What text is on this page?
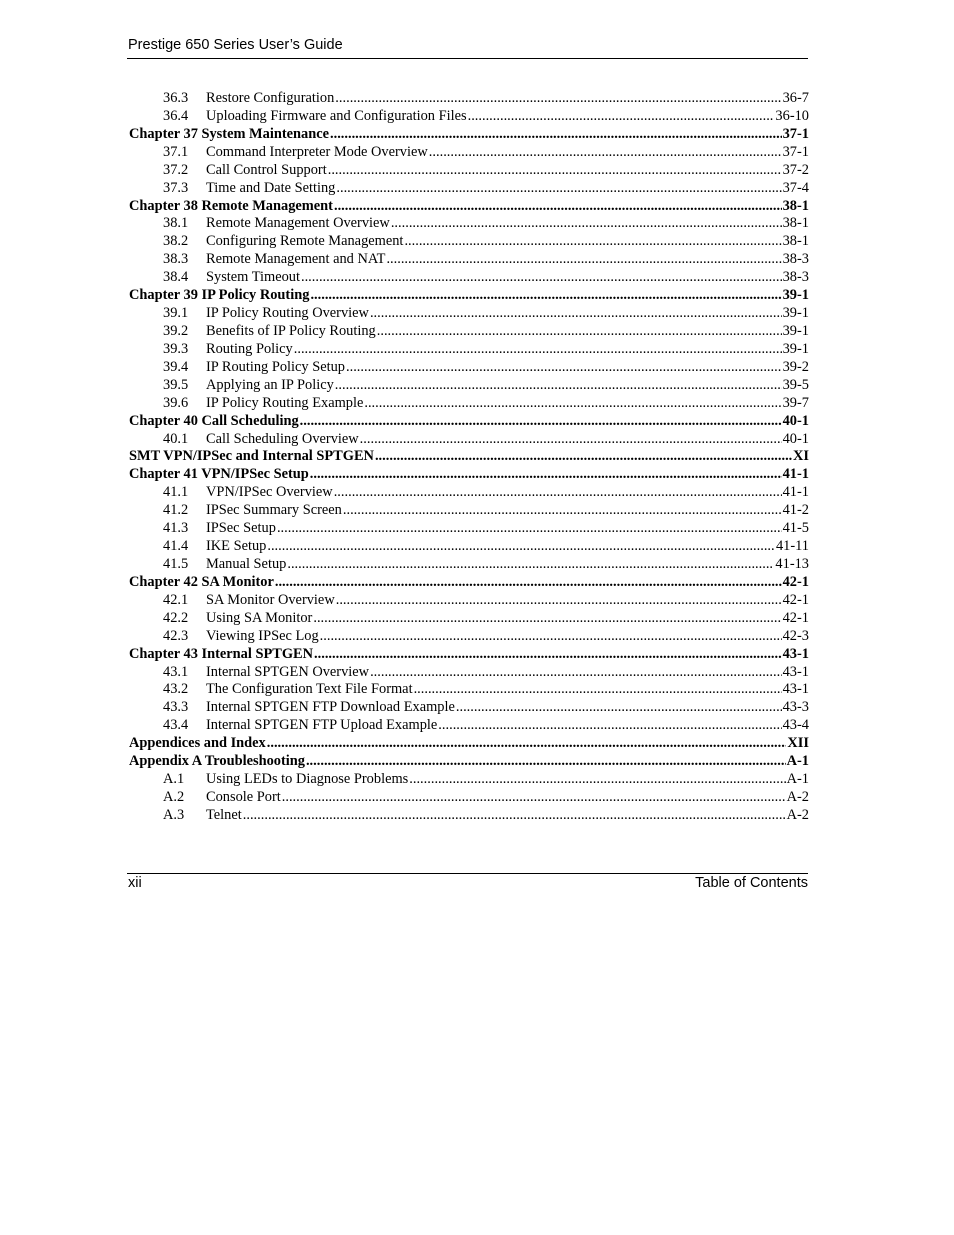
Prestige 650 Series User’s Guide
36.3	Restore Configuration .....	36-7
36.4	Uploading Firmware and Configuration Files .....	36-10
Chapter 37 System Maintenance .....	37-1
37.1	Command Interpreter Mode Overview .....	37-1
37.2	Call Control Support .....	37-2
37.3	Time and Date Setting .....	37-4
Chapter 38 Remote Management .....	38-1
38.1	Remote Management Overview .....	38-1
38.2	Configuring Remote Management .....	38-1
38.3	Remote Management and NAT .....	38-3
38.4	System Timeout .....	38-3
Chapter 39 IP Policy Routing .....	39-1
39.1	IP Policy Routing Overview .....	39-1
39.2	Benefits of IP Policy Routing .....	39-1
39.3	Routing Policy .....	39-1
39.4	IP Routing Policy Setup .....	39-2
39.5	Applying an IP Policy .....	39-5
39.6	IP Policy Routing Example .....	39-7
Chapter 40 Call Scheduling .....	40-1
40.1	Call Scheduling Overview .....	40-1
SMT VPN/IPSec and Internal SPTGEN .....	XI
Chapter 41 VPN/IPSec Setup .....	41-1
41.1	VPN/IPSec Overview .....	41-1
41.2	IPSec Summary Screen .....	41-2
41.3	IPSec Setup .....	41-5
41.4	IKE Setup .....	41-11
41.5	Manual Setup .....	41-13
Chapter 42 SA Monitor .....	42-1
42.1	SA Monitor Overview .....	42-1
42.2	Using SA Monitor .....	42-1
42.3	Viewing IPSec Log .....	42-3
Chapter 43 Internal SPTGEN .....	43-1
43.1	Internal SPTGEN Overview .....	43-1
43.2	The Configuration Text File Format .....	43-1
43.3	Internal SPTGEN FTP Download Example .....	43-3
43.4	Internal SPTGEN FTP Upload Example .....	43-4
Appendices and Index .....	XII
Appendix A Troubleshooting .....	A-1
A.1	Using LEDs to Diagnose Problems .....	A-1
A.2	Console Port .....	A-2
A.3	Telnet .....	A-2
xii	Table of Contents
